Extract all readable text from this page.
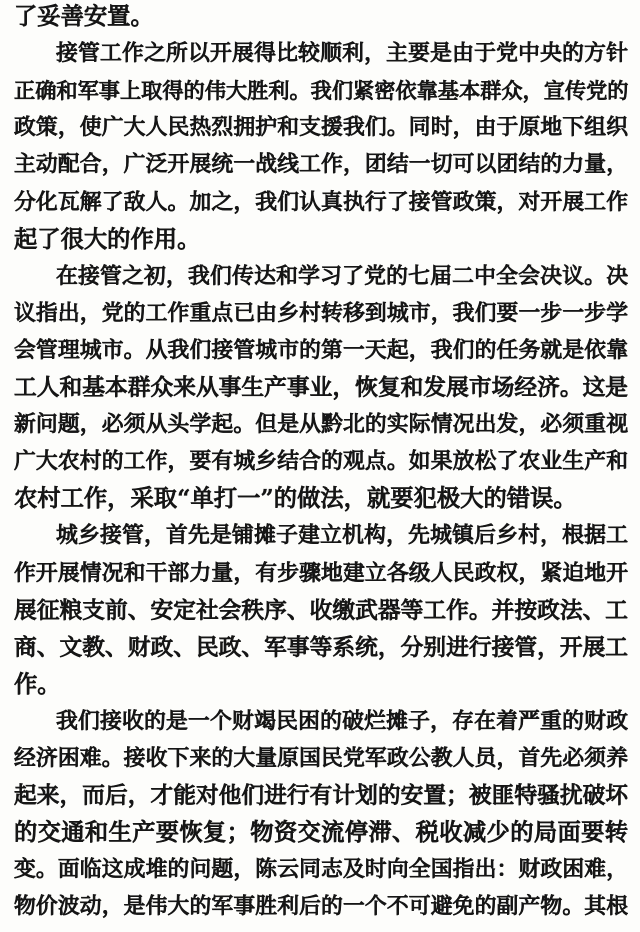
了妥善安置。
接管工作之所以开展得比较顺利，主要是由于党中央的方针
正确和军事上取得的伟大胜利。我们紧密依靠基本群众，宣传党的
政策，使广大人民热烈拥护和支援我们。同时，由于原地下组织
主动配合，广泛开展统一战线工作，团结一切可以团结的力量，
分化瓦解了敌人。加之，我们认真执行了接管政策，对开展工作
起了很大的作用。
在接管之初，我们传达和学习了党的七届二中全会决议。决
议指出，党的工作重点已由乡村转移到城市，我们要一步一步学
会管理城市。从我们接管城市的第一天起，我们的任务就是依靠
工人和基本群众来从事生产事业，恢复和发展市场经济。这是
新问题，必须从头学起。但是从黔北的实际情况出发，必须重视
广大农村的工作，要有城乡结合的观点。如果放松了农业生产和
农村工作，采取“单打一”的做法，就要犯极大的错误。
城乡接管，首先是铺摊子建立机构，先城镇后乡村，根据工
作开展情况和干部力量，有步骤地建立各级人民政权，紧迫地开
展征粮支前、安定社会秩序、收缴武器等工作。并按政法、工
商、文教、财政、民政、军事等系统，分别进行接管，开展工
作。
我们接收的是一个财竭民困的破烂摊子，存在着严重的财政
经济困难。接收下来的大量原国民党军政公教人员，首先必须养
起来，而后，才能对他们进行有计划的安置；被匪特骚扰破坏
的交通和生产要恢复；物资交流停滞、税收减少的局面要转
变。面临这成堆的问题，陈云同志及时向全国指出：财政困难，
物价波动，是伟大的军事胜利后的一个不可避免的副产物。其根
